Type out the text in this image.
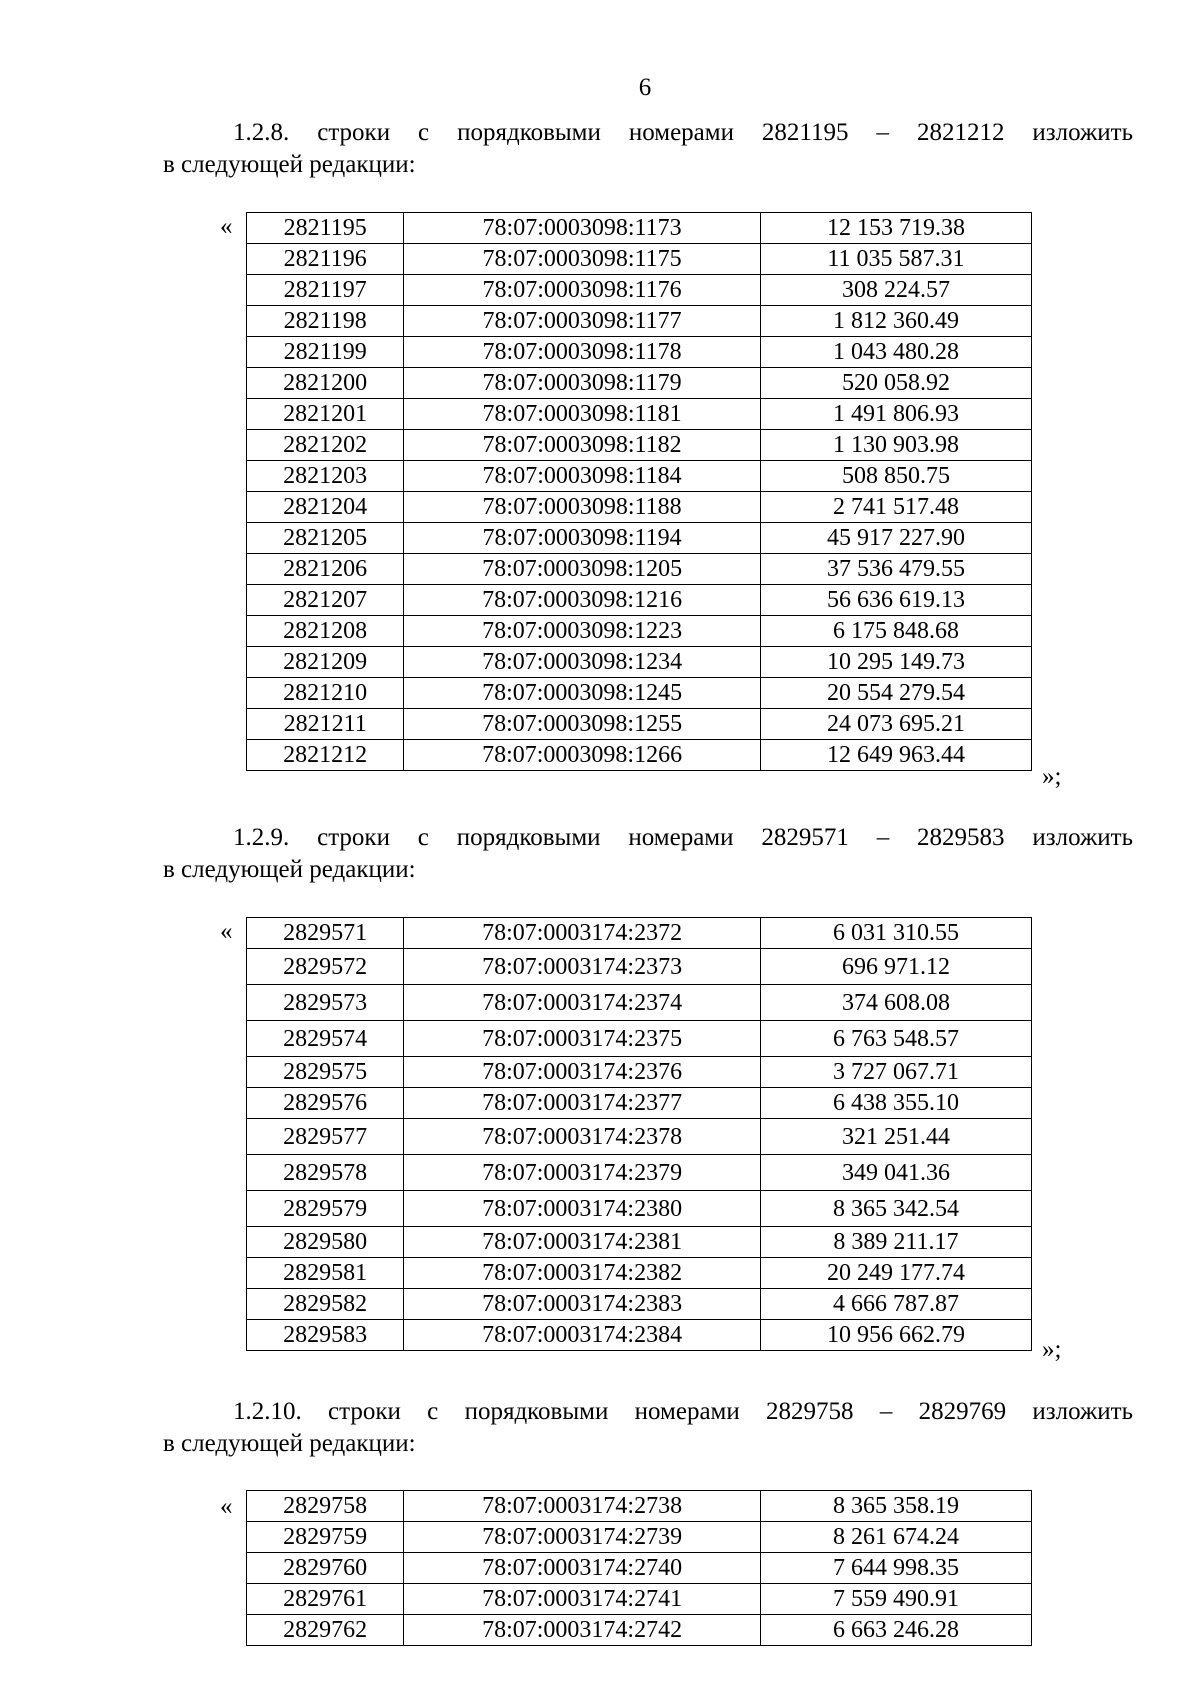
6
1.2.8. строки с порядковыми номерами 2821195 – 2821212 изложить
в следующей редакции:
« 2821195	78:07:0003098:1173	12 153 719.38
2821196	78:07:0003098:1175	11 035 587.31
2821197	78:07:0003098:1176	308 224.57
2821198	78:07:0003098:1177	1 812 360.49
2821199	78:07:0003098:1178	1 043 480.28
2821200	78:07:0003098:1179	520 058.92
2821201	78:07:0003098:1181	1 491 806.93
2821202	78:07:0003098:1182	1 130 903.98
2821203	78:07:0003098:1184	508 850.75
2821204	78:07:0003098:1188	2 741 517.48
2821205	78:07:0003098:1194	45 917 227.90
2821206	78:07:0003098:1205	37 536 479.55
2821207	78:07:0003098:1216	56 636 619.13
2821208	78:07:0003098:1223	6 175 848.68
2821209	78:07:0003098:1234	10 295 149.73
2821210	78:07:0003098:1245	20 554 279.54
2821211	78:07:0003098:1255	24 073 695.21
2821212	78:07:0003098:1266	12 649 963.44
»;
1.2.9. строки с порядковыми номерами 2829571 – 2829583 изложить
в следующей редакции:
« 2829571	78:07:0003174:2372	6 031 310.55
2829572	78:07:0003174:2373	696 971.12
2829573	78:07:0003174:2374	374 608.08
2829574	78:07:0003174:2375	6 763 548.57
2829575	78:07:0003174:2376	3 727 067.71
2829576	78:07:0003174:2377	6 438 355.10
2829577	78:07:0003174:2378	321 251.44
2829578	78:07:0003174:2379	349 041.36
2829579	78:07:0003174:2380	8 365 342.54
2829580	78:07:0003174:2381	8 389 211.17
2829581	78:07:0003174:2382	20 249 177.74
2829582	78:07:0003174:2383	4 666 787.87
2829583	78:07:0003174:2384	10 956 662.79
»;
1.2.10. строки с порядковыми номерами 2829758 – 2829769 изложить
в следующей редакции:
« 2829758	78:07:0003174:2738	8 365 358.19
2829759	78:07:0003174:2739	8 261 674.24
2829760	78:07:0003174:2740	7 644 998.35
2829761	78:07:0003174:2741	7 559 490.91
2829762	78:07:0003174:2742	6 663 246.28
